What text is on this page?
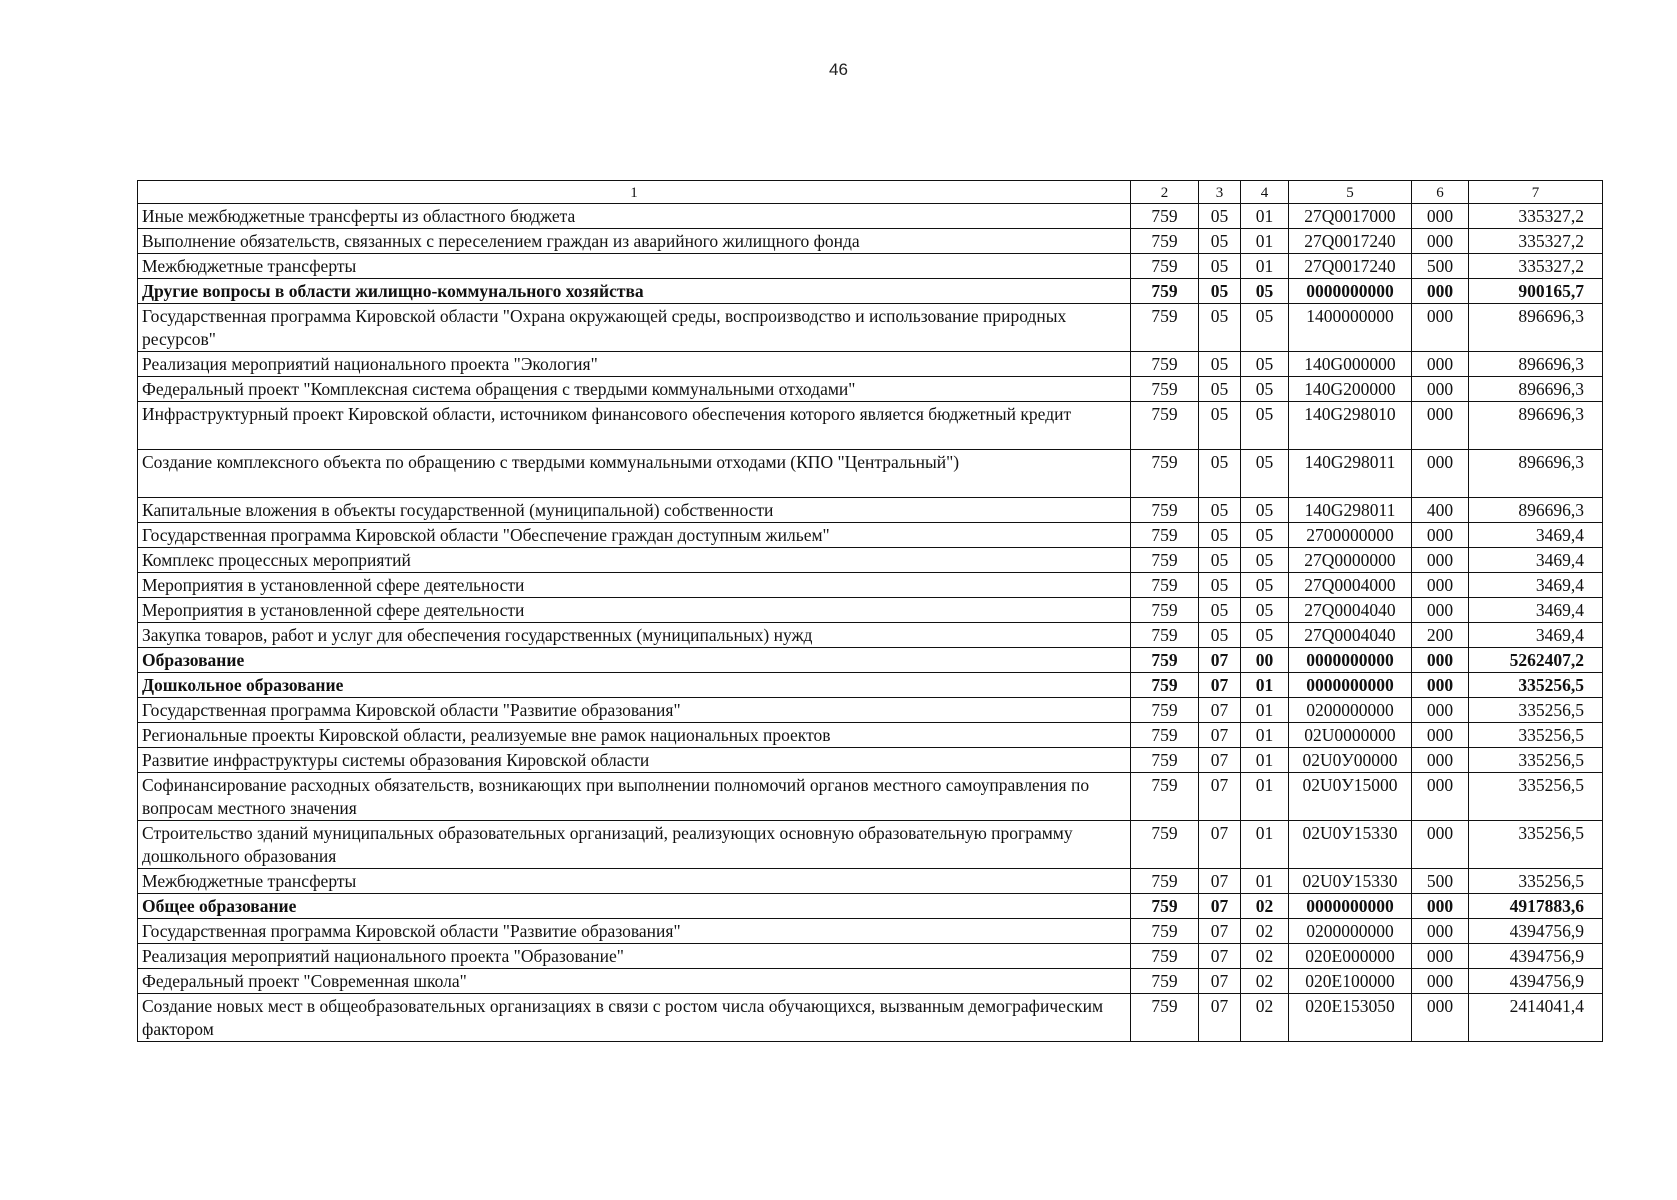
46
1	2	3	4	5	6	7
Иные межбюджетные трансферты из областного бюджета	759	05	01	27Q0017000	000	335327,2
Выполнение обязательств, связанных с переселением граждан из аварийного жилищного фонда	759	05	01	27Q0017240	000	335327,2
Межбюджетные трансферты	759	05	01	27Q0017240	500	335327,2
Другие вопросы в области жилищно-коммунального хозяйства	759	05	05	0000000000	000	900165,7
Государственная программа Кировской области "Охрана окружающей среды, воспроизводство и использование природных ресурсов"	759	05	05	1400000000	000	896696,3
Реализация мероприятий национального проекта "Экология"	759	05	05	140G000000	000	896696,3
Федеральный проект "Комплексная система обращения с твердыми коммунальными отходами"	759	05	05	140G200000	000	896696,3
Инфраструктурный проект Кировской области, источником финансового обеспечения которого является бюджетный кредит	759	05	05	140G298010	000	896696,3
Создание комплексного объекта по обращению с твердыми коммунальными отходами (КПО "Центральный")	759	05	05	140G298011	000	896696,3
Капитальные вложения в объекты государственной (муниципальной) собственности	759	05	05	140G298011	400	896696,3
Государственная программа Кировской области "Обеспечение граждан доступным жильем"	759	05	05	2700000000	000	3469,4
Комплекс процессных мероприятий	759	05	05	27Q0000000	000	3469,4
Мероприятия в установленной сфере деятельности	759	05	05	27Q0004000	000	3469,4
Мероприятия в установленной сфере деятельности	759	05	05	27Q0004040	000	3469,4
Закупка товаров, работ и услуг для обеспечения государственных (муниципальных) нужд	759	05	05	27Q0004040	200	3469,4
Образование	759	07	00	0000000000	000	5262407,2
Дошкольное образование	759	07	01	0000000000	000	335256,5
Государственная программа Кировской области "Развитие образования"	759	07	01	0200000000	000	335256,5
Региональные проекты Кировской области, реализуемые вне рамок национальных проектов	759	07	01	02U0000000	000	335256,5
Развитие инфраструктуры системы образования Кировской области	759	07	01	02U0У00000	000	335256,5
Софинансирование расходных обязательств, возникающих при выполнении полномочий органов местного самоуправления по вопросам местного значения	759	07	01	02U0У15000	000	335256,5
Строительство зданий муниципальных образовательных организаций, реализующих основную образовательную программу дошкольного образования	759	07	01	02U0У15330	000	335256,5
Межбюджетные трансферты	759	07	01	02U0У15330	500	335256,5
Общее образование	759	07	02	0000000000	000	4917883,6
Государственная программа Кировской области "Развитие образования"	759	07	02	0200000000	000	4394756,9
Реализация мероприятий национального проекта "Образование"	759	07	02	020E000000	000	4394756,9
Федеральный проект "Современная школа"	759	07	02	020E100000	000	4394756,9
Создание новых мест в общеобразовательных организациях в связи с ростом числа обучающихся, вызванным демографическим фактором	759	07	02	020E153050	000	2414041,4
